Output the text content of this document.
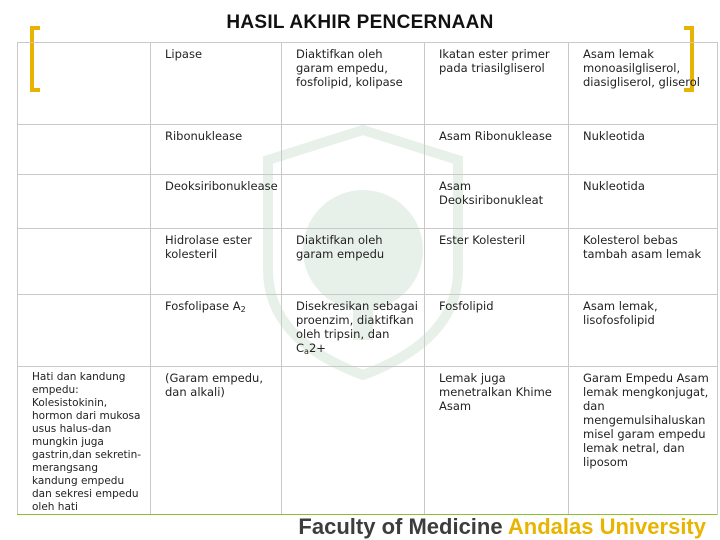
HASIL AKHIR PENCERNAAN
	Lipase	Diaktifkan oleh garam empedu, fosfolipid, kolipase	Ikatan ester primer pada triasilgliserol	Asam lemak monoasilgliserol, diasigliserol, gliserol
	Ribonuklease		Asam Ribonuklease	Nukleotida
	Deoksiribonuklease		Asam Deoksiribonukleat	Nukleotida
	Hidrolase ester kolesteril	Diaktifkan oleh garam empedu	Ester Kolesteril	Kolesterol bebas tambah asam lemak
	Fosfolipase $A_2$	Disekresikan sebagai proenzim, diaktifkan oleh tripsin, dan $C_a2+$	Fosfolipid	Asam lemak, lisofosfolipid
Hati dan kandung empedu: Kolesistokinin, hormon dari mukosa usus halus-dan mungkin juga gastrin,dan sekretin-merangsang kandung empedu dan sekresi empedu oleh hati	(Garam empedu, dan alkali)		Lemak juga menetralkan Khime Asam	Garam Empedu Asam lemak mengkonjugat, dan mengemulsihaluskan misel garam empedu lemak netral, dan liposom
Faculty of Medicine Andalas University
